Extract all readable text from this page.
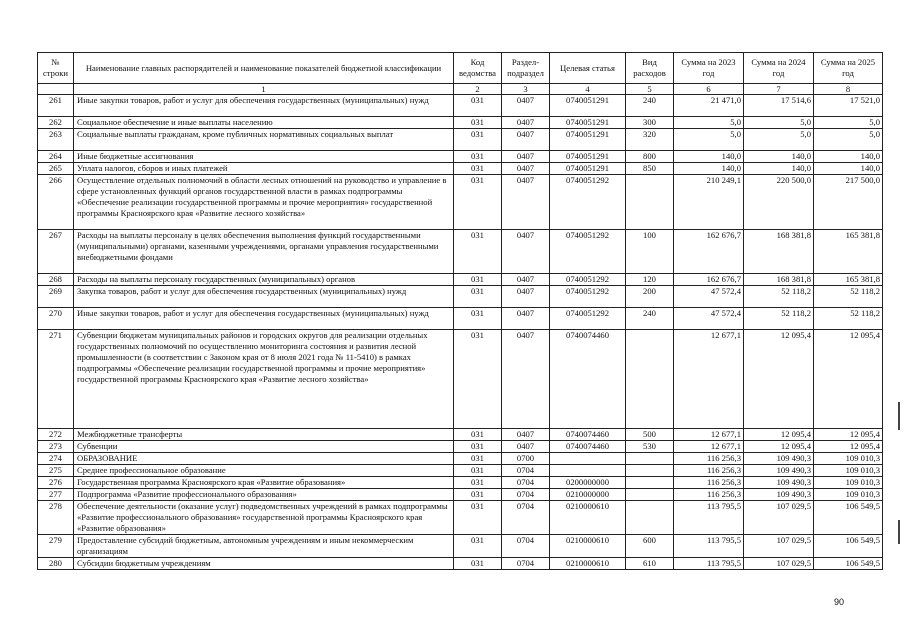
№ строки	Наименование главных распорядителей и наименование показателей бюджетной классификации	Код ведомства	Раздел-подраздел	Целевая статья	Вид расходов	Сумма на 2023 год	Сумма на 2024 год	Сумма на 2025 год
	1	2	3	4	5	6	7	8
261	Иные закупки товаров, работ и услуг для обеспечения государственных (муниципальных) нужд	031	0407	0740051291	240	21 471,0	17 514,6	17 521,0
262	Социальное обеспечение и иные выплаты населению	031	0407	0740051291	300	5,0	5,0	5,0
263	Социальные выплаты гражданам, кроме публичных нормативных социальных выплат	031	0407	0740051291	320	5,0	5,0	5,0
264	Иные бюджетные ассигнования	031	0407	0740051291	800	140,0	140,0	140,0
265	Уплата налогов, сборов и иных платежей	031	0407	0740051291	850	140,0	140,0	140,0
266	Осуществление отдельных полномочий в области лесных отношений на руководство и управление в сфере установленных функций органов государственной власти в рамках подпрограммы «Обеспечение реализации государственной программы и прочие мероприятия» государственной программы Красноярского края «Развитие лесного хозяйства»	031	0407	0740051292		210 249,1	220 500,0	217 500,0
267	Расходы на выплаты персоналу в целях обеспечения выполнения функций государственными (муниципальными) органами, казенными учреждениями, органами управления государственными внебюджетными фондами	031	0407	0740051292	100	162 676,7	168 381,8	165 381,8
268	Расходы на выплаты персоналу государственных (муниципальных) органов	031	0407	0740051292	120	162 676,7	168 381,8	165 381,8
269	Закупка товаров, работ и услуг для обеспечения государственных (муниципальных) нужд	031	0407	0740051292	200	47 572,4	52 118,2	52 118,2
270	Иные закупки товаров, работ и услуг для обеспечения государственных (муниципальных) нужд	031	0407	0740051292	240	47 572,4	52 118,2	52 118,2
271	Субвенции бюджетам муниципальных районов и городских округов для реализации отдельных государственных полномочий по осуществлению мониторинга состояния и развития лесной промышленности (в соответствии с Законом края от 8 июля 2021 года № 11-5410) в рамках подпрограммы «Обеспечение реализации государственной программы и прочие мероприятия» государственной программы Красноярского края «Развитие лесного хозяйства»	031	0407	0740074460		12 677,1	12 095,4	12 095,4
272	Межбюджетные трансферты	031	0407	0740074460	500	12 677,1	12 095,4	12 095,4
273	Субвенции	031	0407	0740074460	530	12 677,1	12 095,4	12 095,4
274	ОБРАЗОВАНИЕ	031	0700			116 256,3	109 490,3	109 010,3
275	Среднее профессиональное образование	031	0704			116 256,3	109 490,3	109 010,3
276	Государственная программа Красноярского края «Развитие образования»	031	0704	0200000000		116 256,3	109 490,3	109 010,3
277	Подпрограмма «Развитие профессионального образования»	031	0704	0210000000		116 256,3	109 490,3	109 010,3
278	Обеспечение деятельности (оказание услуг) подведомственных учреждений в рамках подпрограммы «Развитие профессионального образования» государственной программы Красноярского края «Развитие образования»	031	0704	0210000610		113 795,5	107 029,5	106 549,5
279	Предоставление субсидий бюджетным, автономным учреждениям и иным некоммерческим организациям	031	0704	0210000610	600	113 795,5	107 029,5	106 549,5
280	Субсидии бюджетным учреждениям	031	0704	0210000610	610	113 795,5	107 029,5	106 549,5
90
